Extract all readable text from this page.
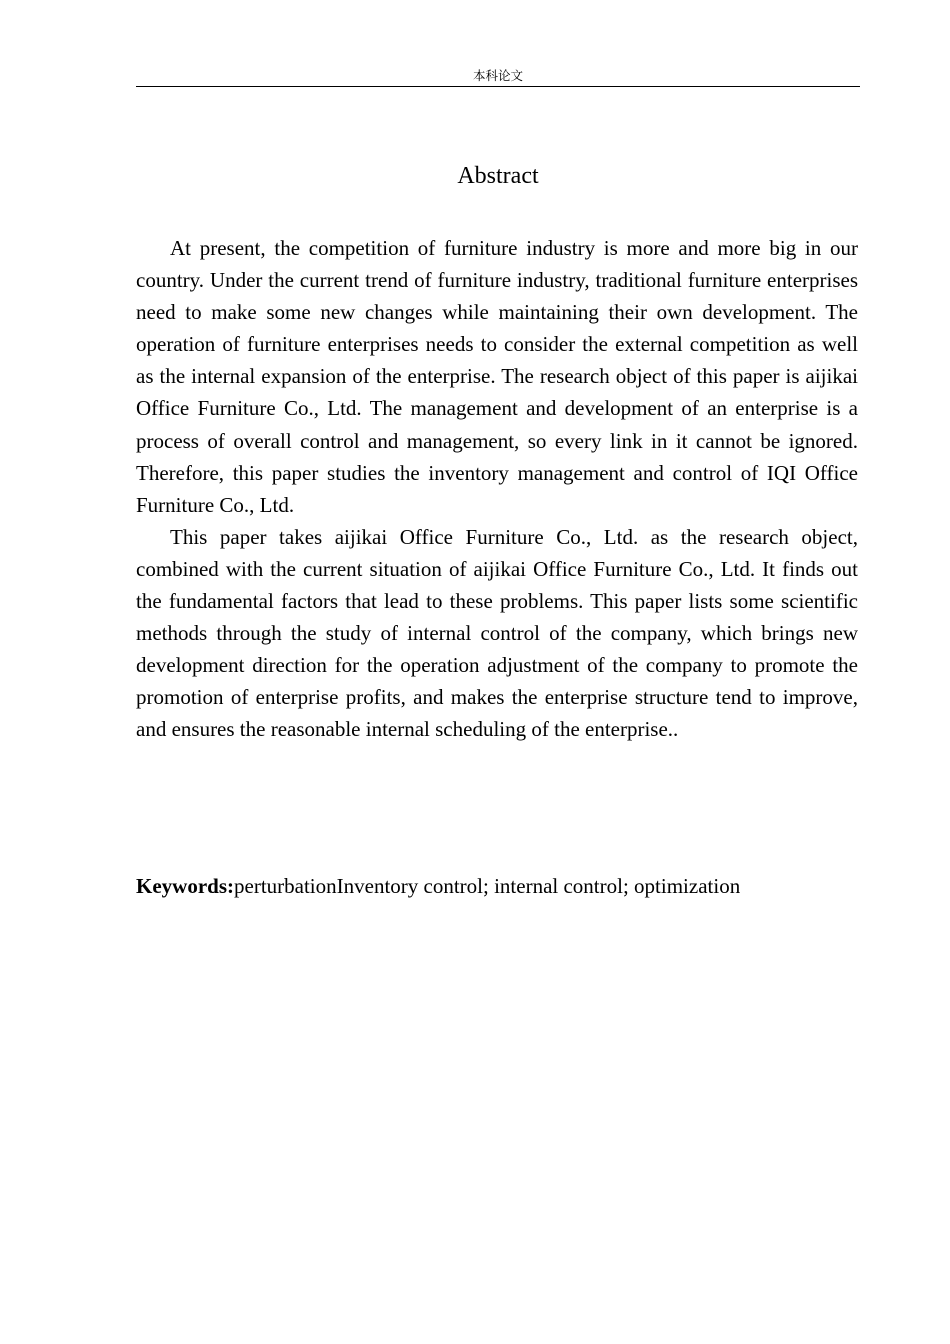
本科论文
Abstract

At present, the competition of furniture industry is more and more big in our country. Under the current trend of furniture industry, traditional furniture enterprises need to make some new changes while maintaining their own development. The operation of furniture enterprises needs to consider the external competition as well as the internal expansion of the enterprise. The research object of this paper is aijikai Office Furniture Co., Ltd. The management and development of an enterprise is a process of overall control and management, so every link in it cannot be ignored. Therefore, this paper studies the inventory management and control of IQI Office Furniture Co., Ltd.

This paper takes aijikai Office Furniture Co., Ltd. as the research object, combined with the current situation of aijikai Office Furniture Co., Ltd. It finds out the fundamental factors that lead to these problems. This paper lists some scientific methods through the study of internal control of the company, which brings new development direction for the operation adjustment of the company to promote the promotion of enterprise profits, and makes the enterprise structure tend to improve, and ensures the reasonable internal scheduling of the enterprise..

Keywords:perturbationInventory control; internal control; optimization
